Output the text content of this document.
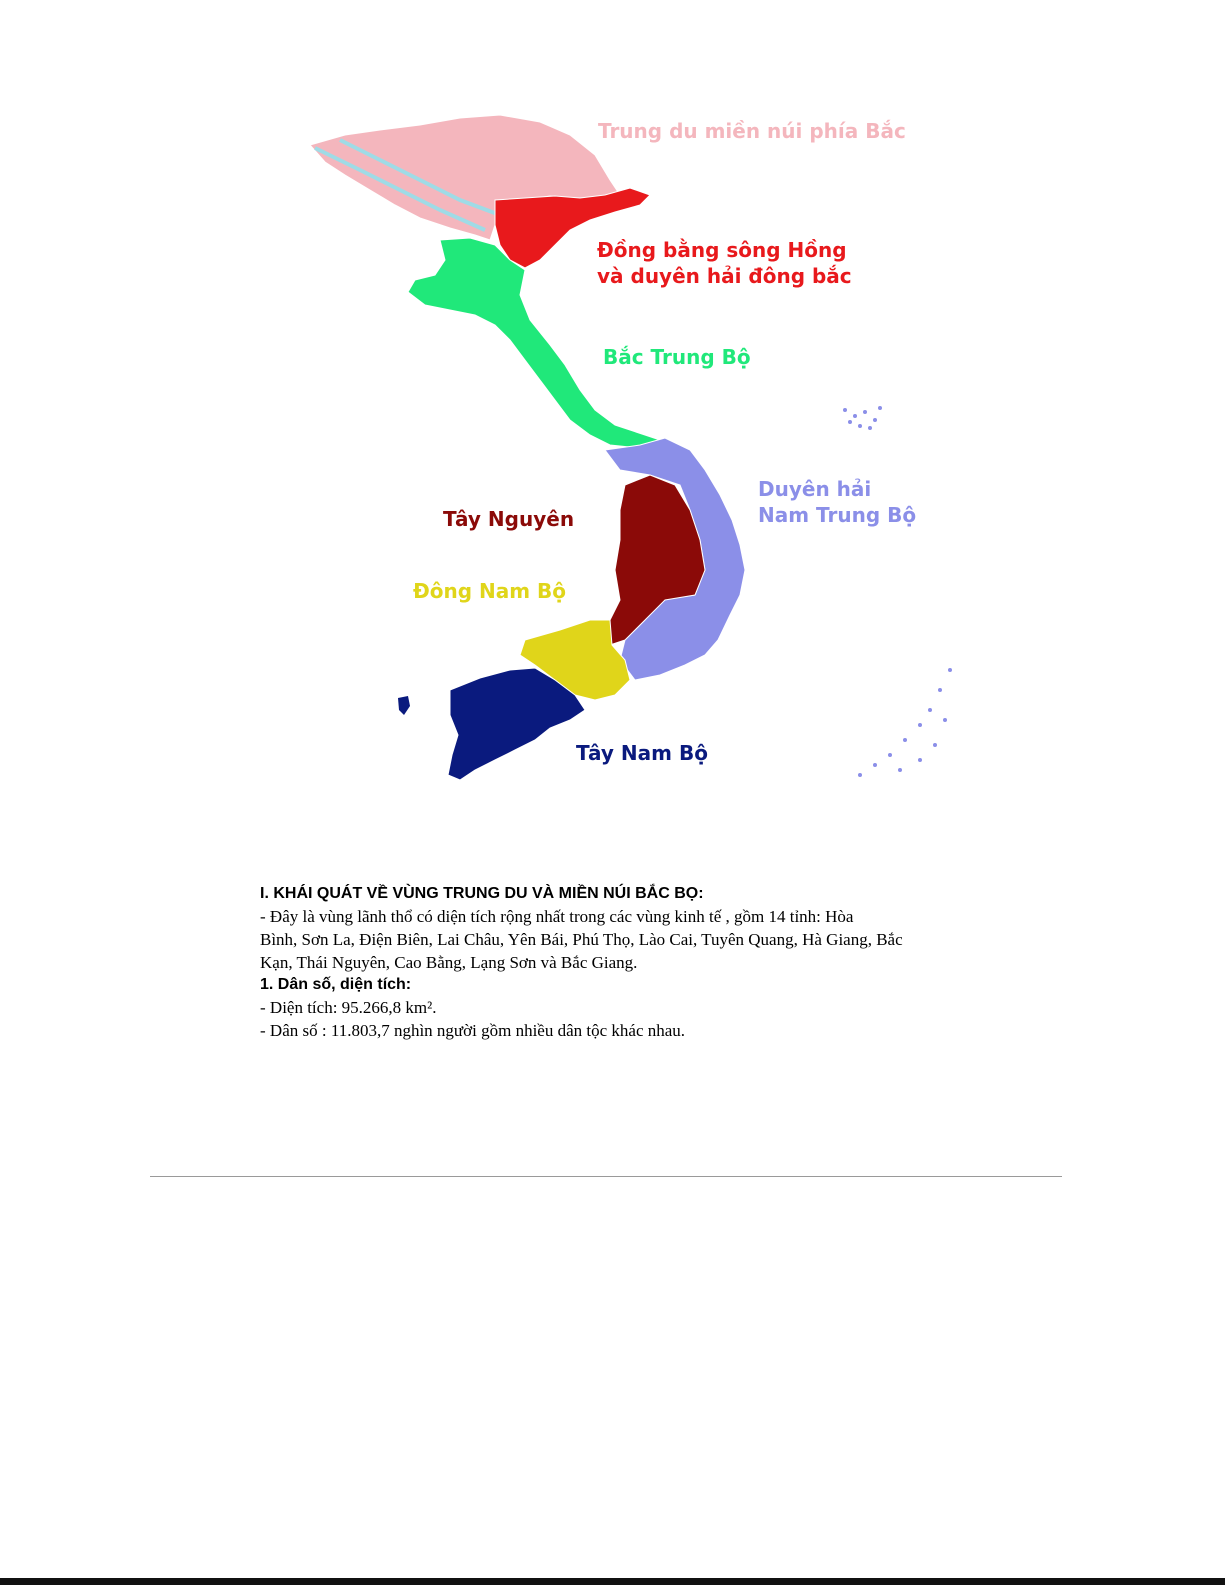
Trung du miền núi phía Bắc
Đồng bằng sông Hồng
và duyên hải đông bắc
Bắc Trung Bộ
Duyên hải
Nam Trung Bộ
Tây Nguyên
Đông Nam Bộ
Tây Nam Bộ

I. KHÁI QUÁT VỀ VÙNG TRUNG DU VÀ MIỀN NÚI BẮC BỌ:

- Đây là vùng lãnh thổ có diện tích rộng nhất trong các vùng kinh tế , gồm 14 tỉnh: Hòa

Bình, Sơn La, Điện Biên, Lai Châu, Yên Bái, Phú Thọ, Lào Cai, Tuyên Quang, Hà Giang, Bắc

Kạn, Thái Nguyên, Cao Bằng, Lạng Sơn và Bắc Giang.

1. Dân số, diện tích:

- Diện tích: 95.266,8 km².

- Dân số : 11.803,7 nghìn người gồm nhiều dân tộc khác nhau.
